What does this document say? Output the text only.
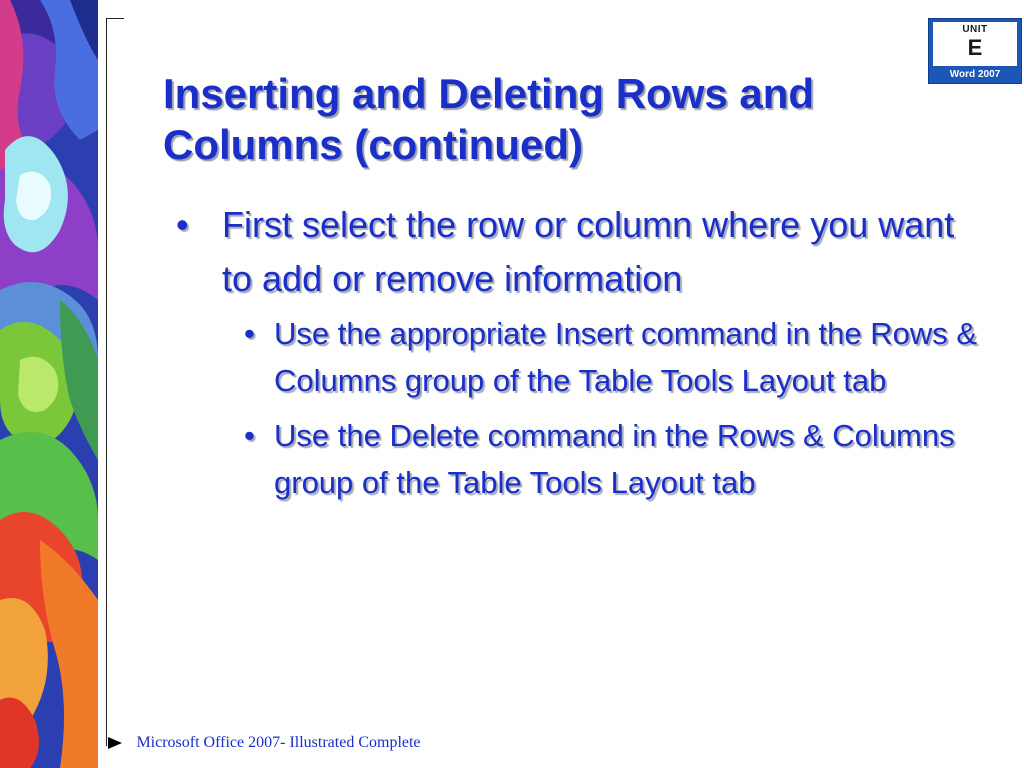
UNIT
E
Word 2007
Inserting and Deleting Rows and Columns (continued)
• First select the row or column where you want to add or remove information
• Use the appropriate Insert command in the Rows & Columns group of the Table Tools Layout tab
• Use the Delete command in the Rows & Columns group of the Table Tools Layout tab
Microsoft Office 2007- Illustrated Complete
